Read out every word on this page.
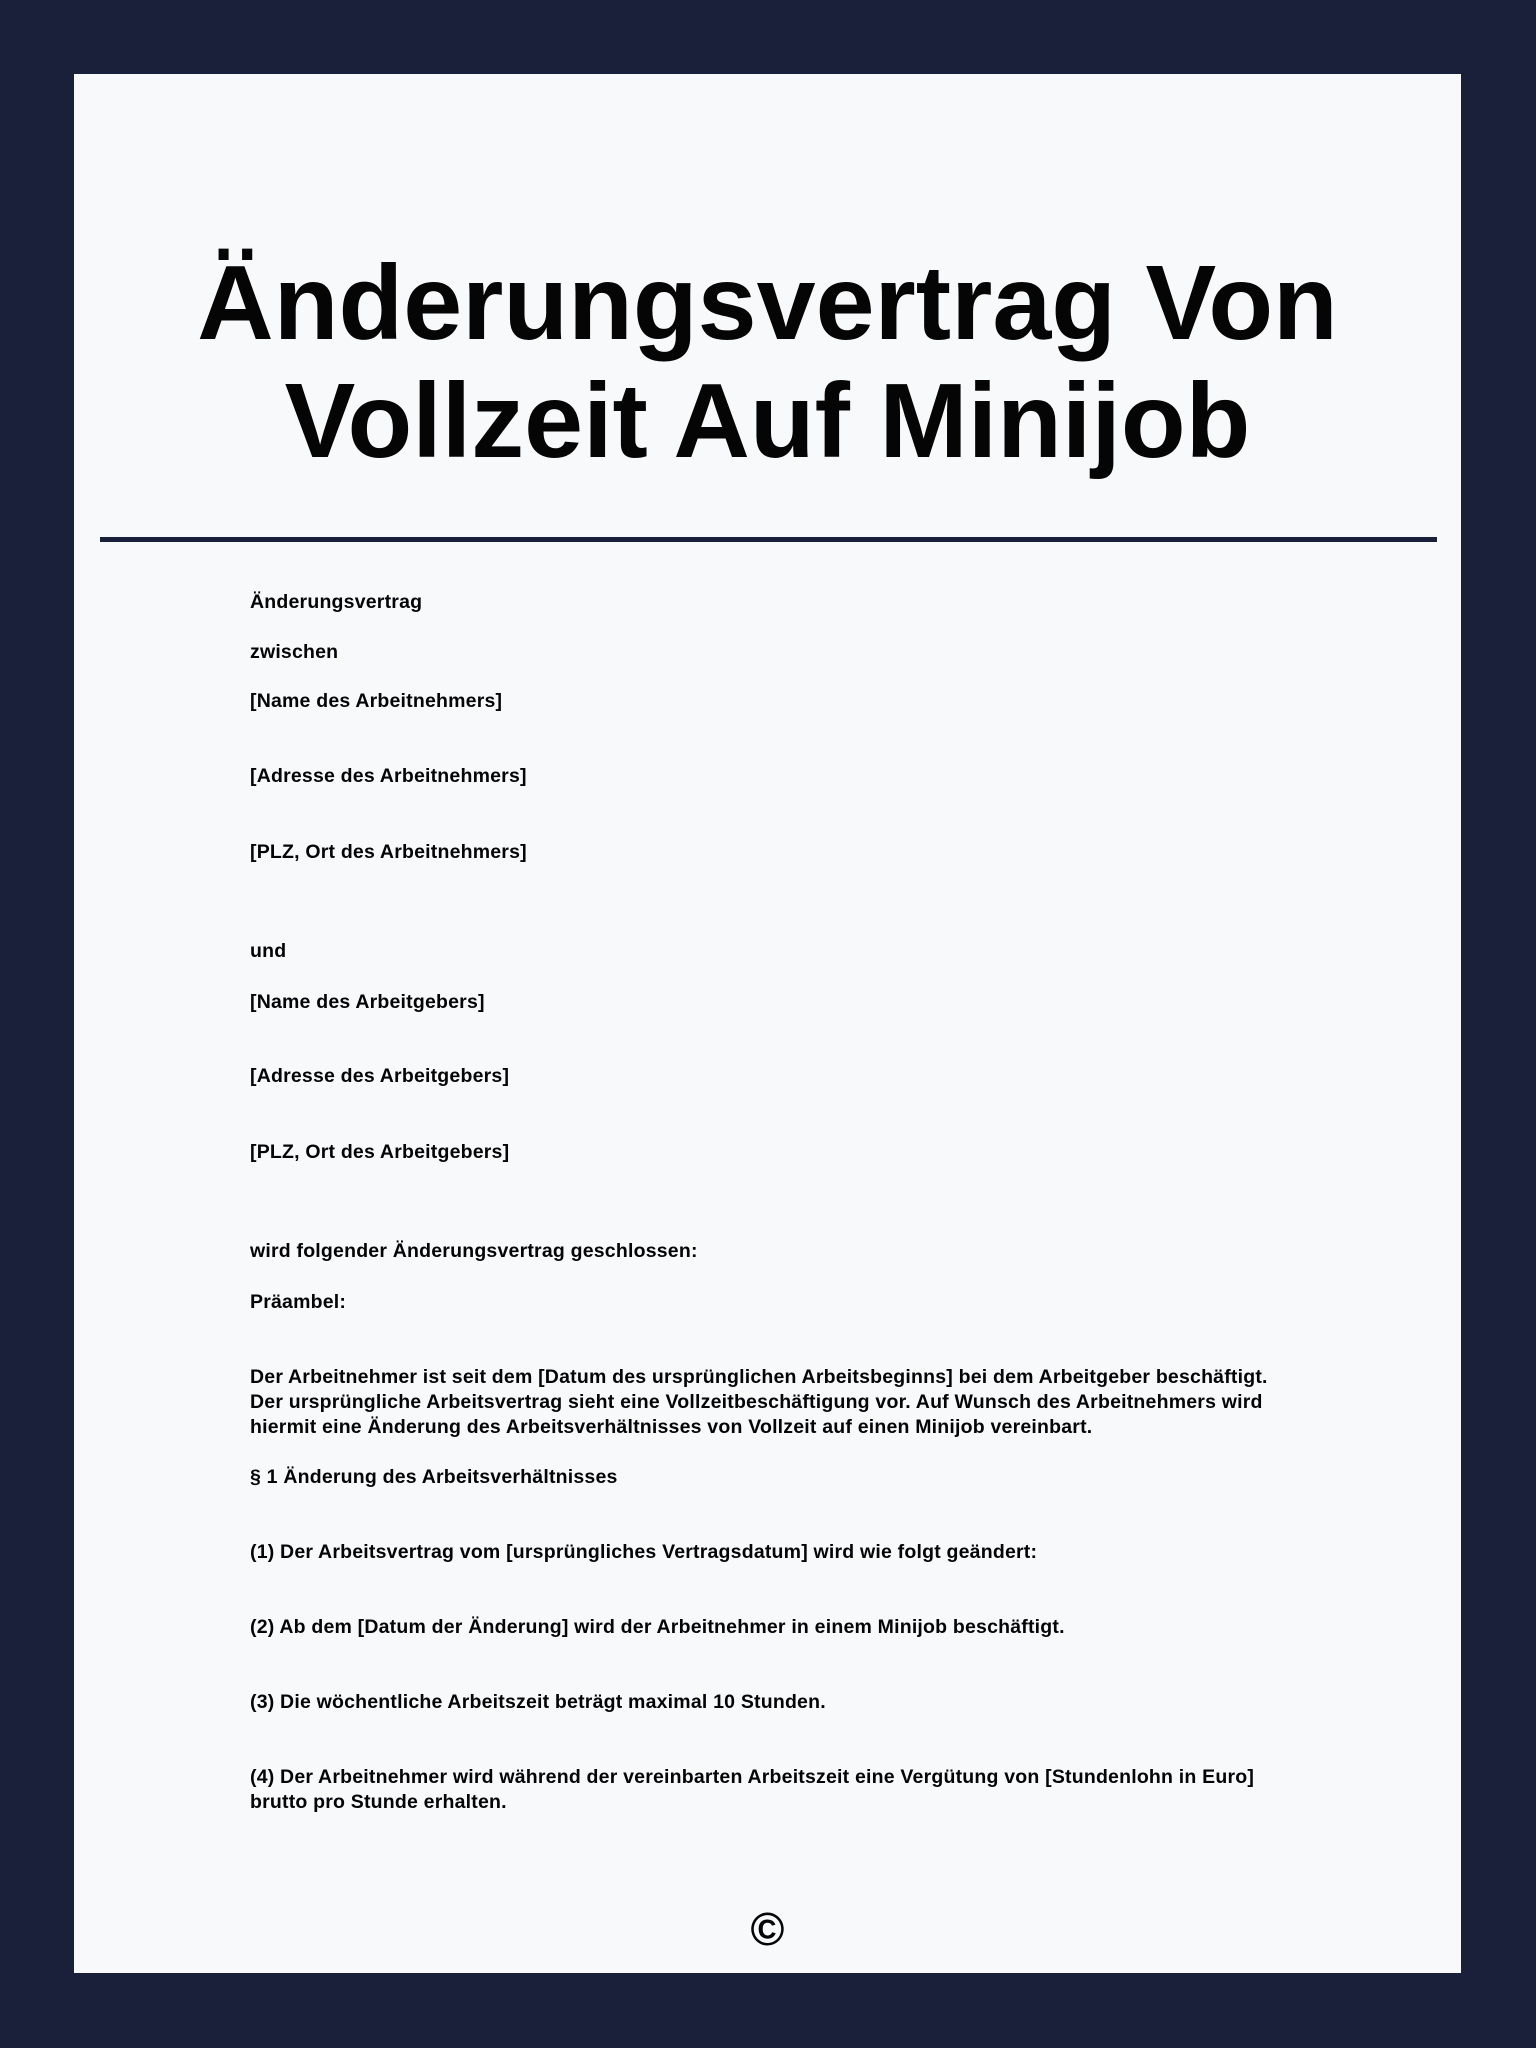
Änderungsvertrag Von
Vollzeit Auf Minijob
Änderungsvertrag
zwischen
[Name des Arbeitnehmers]
[Adresse des Arbeitnehmers]
[PLZ, Ort des Arbeitnehmers]
und
[Name des Arbeitgebers]
[Adresse des Arbeitgebers]
[PLZ, Ort des Arbeitgebers]
wird folgender Änderungsvertrag geschlossen:
Präambel:
Der Arbeitnehmer ist seit dem [Datum des ursprünglichen Arbeitsbeginns] bei dem Arbeitgeber beschäftigt.
Der ursprüngliche Arbeitsvertrag sieht eine Vollzeitbeschäftigung vor. Auf Wunsch des Arbeitnehmers wird
hiermit eine Änderung des Arbeitsverhältnisses von Vollzeit auf einen Minijob vereinbart.
§ 1 Änderung des Arbeitsverhältnisses
(1) Der Arbeitsvertrag vom [ursprüngliches Vertragsdatum] wird wie folgt geändert:
(2) Ab dem [Datum der Änderung] wird der Arbeitnehmer in einem Minijob beschäftigt.
(3) Die wöchentliche Arbeitszeit beträgt maximal 10 Stunden.
(4) Der Arbeitnehmer wird während der vereinbarten Arbeitszeit eine Vergütung von [Stundenlohn in Euro]
brutto pro Stunde erhalten.
©
